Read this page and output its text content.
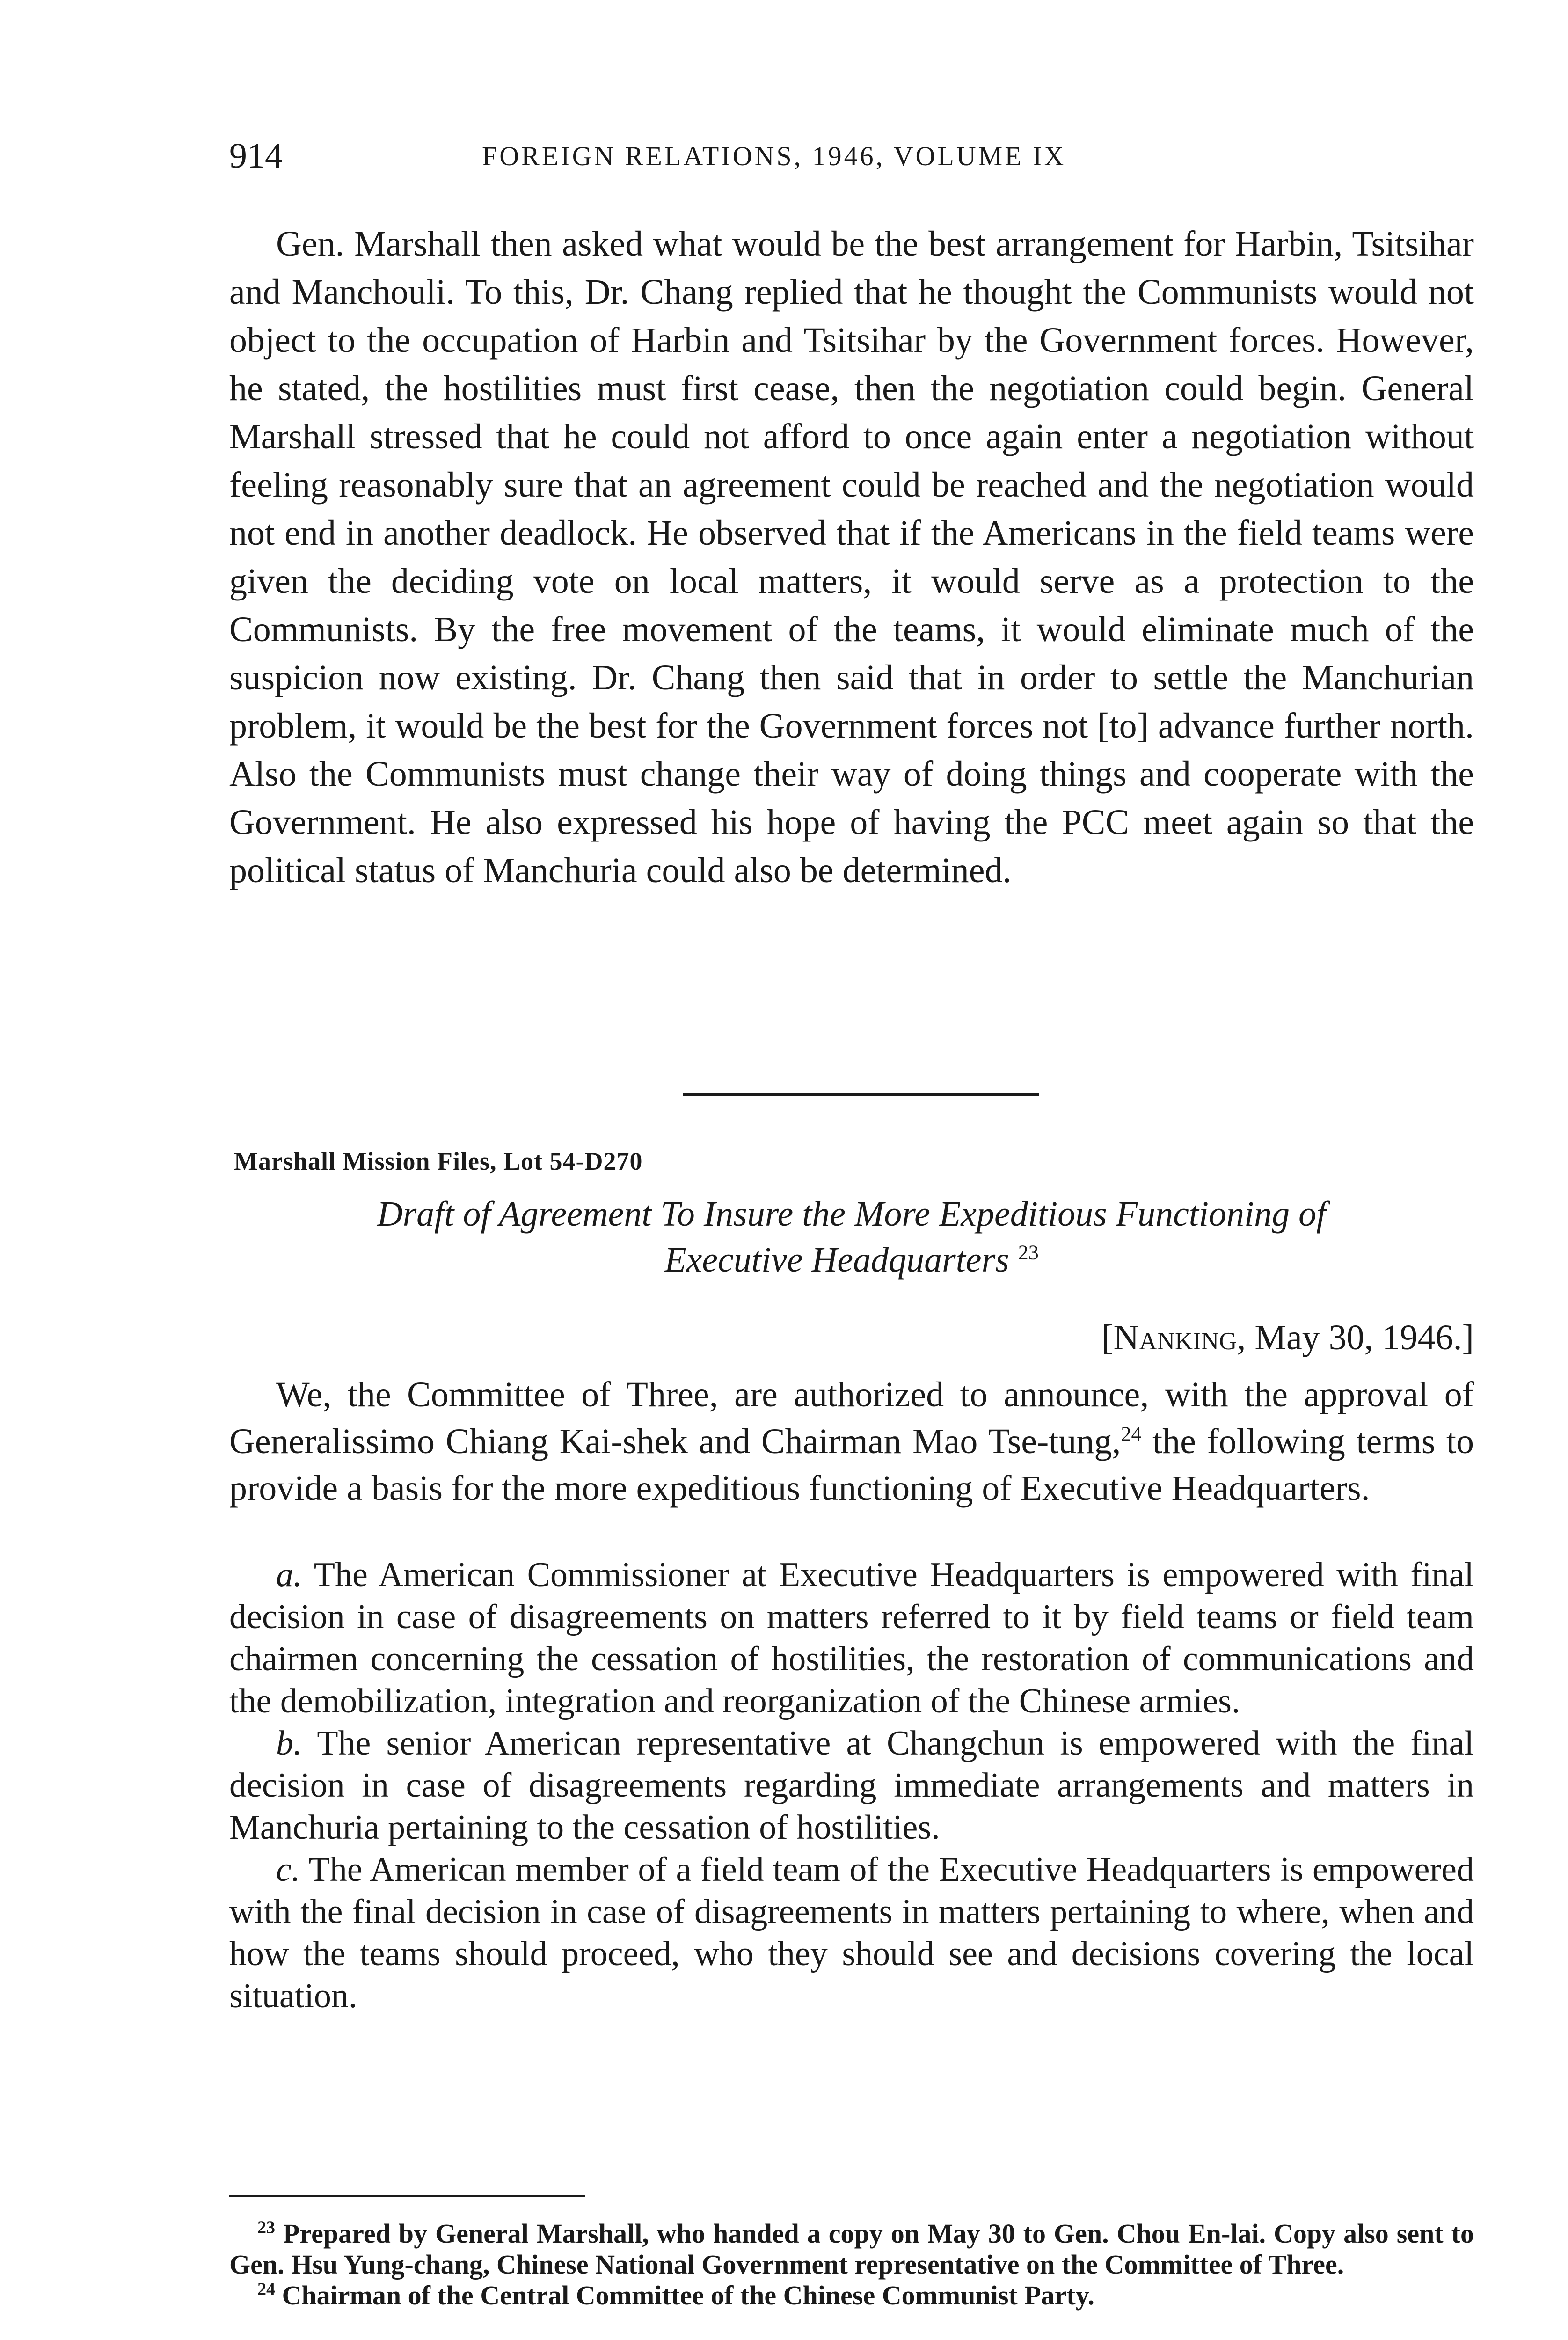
914	FOREIGN RELATIONS, 1946, VOLUME IX

Gen. Marshall then asked what would be the best arrangement for Harbin, Tsitsihar and Manchouli. To this, Dr. Chang replied that he thought the Communists would not object to the occupation of Harbin and Tsitsihar by the Government forces. However, he stated, the hostilities must first cease, then the negotiation could begin. General Marshall stressed that he could not afford to once again enter a negotiation without feeling reasonably sure that an agreement could be reached and the negotiation would not end in another deadlock. He observed that if the Americans in the field teams were given the deciding vote on local matters, it would serve as a protection to the Communists. By the free movement of the teams, it would eliminate much of the suspicion now existing. Dr. Chang then said that in order to settle the Manchurian problem, it would be the best for the Government forces not [to] advance further north. Also the Communists must change their way of doing things and cooperate with the Government. He also expressed his hope of having the PCC meet again so that the political status of Manchuria could also be determined.

Marshall Mission Files, Lot 54-D270
Draft of Agreement To Insure the More Expeditious Functioning of
Executive Headquarters $^{23}$
[Nanking, May 30, 1946.]

We, the Committee of Three, are authorized to announce, with the approval of Generalissimo Chiang Kai-shek and Chairman Mao Tse-tung,$^{24}$ the following terms to provide a basis for the more expeditious functioning of Executive Headquarters.

a. The American Commissioner at Executive Headquarters is empowered with final decision in case of disagreements on matters referred to it by field teams or field team chairmen concerning the cessation of hostilities, the restoration of communications and the demobilization, integration and reorganization of the Chinese armies.

b. The senior American representative at Changchun is empowered with the final decision in case of disagreements regarding immediate arrangements and matters in Manchuria pertaining to the cessation of hostilities.

c. The American member of a field team of the Executive Headquarters is empowered with the final decision in case of disagreements in matters pertaining to where, when and how the teams should proceed, who they should see and decisions covering the local situation.

$^{23}$ Prepared by General Marshall, who handed a copy on May 30 to Gen. Chou En-lai. Copy also sent to Gen. Hsu Yung-chang, Chinese National Government representative on the Committee of Three.

$^{24}$ Chairman of the Central Committee of the Chinese Communist Party.
